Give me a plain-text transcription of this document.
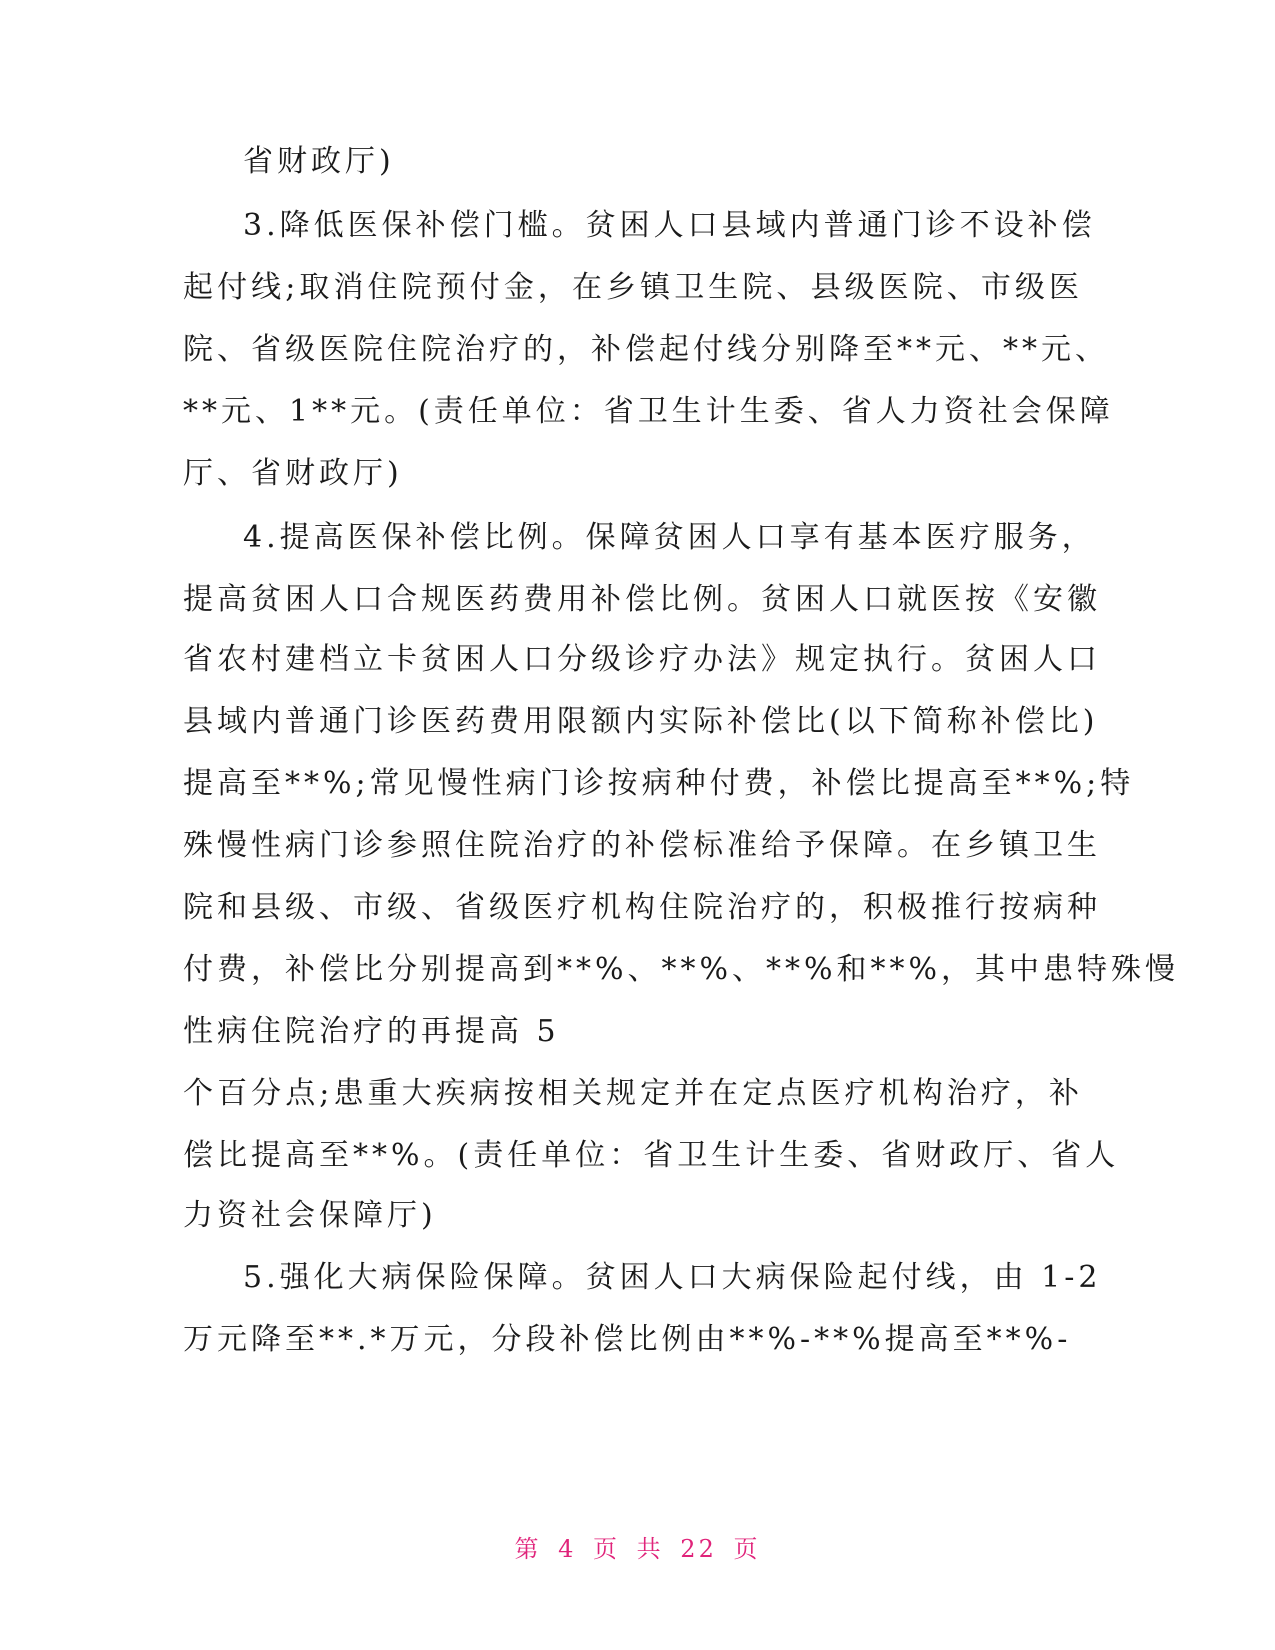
省财政厅)
3.降低医保补偿门槛。贫困人口县域内普通门诊不设补偿
起付线;取消住院预付金，在乡镇卫生院、县级医院、市级医
院、省级医院住院治疗的，补偿起付线分别降至**元、**元、
**元、1**元。(责任单位：省卫生计生委、省人力资社会保障
厅、省财政厅)
4.提高医保补偿比例。保障贫困人口享有基本医疗服务，
提高贫困人口合规医药费用补偿比例。贫困人口就医按《安徽
省农村建档立卡贫困人口分级诊疗办法》规定执行。贫困人口
县域内普通门诊医药费用限额内实际补偿比(以下简称补偿比)
提高至**%;常见慢性病门诊按病种付费，补偿比提高至**%;特
殊慢性病门诊参照住院治疗的补偿标准给予保障。在乡镇卫生
院和县级、市级、省级医疗机构住院治疗的，积极推行按病种
付费，补偿比分别提高到**%、**%、**%和**%，其中患特殊慢
性病住院治疗的再提高 5
个百分点;患重大疾病按相关规定并在定点医疗机构治疗，补
偿比提高至**%。(责任单位：省卫生计生委、省财政厅、省人
力资社会保障厅)
5.强化大病保险保障。贫困人口大病保险起付线，由 1-2
万元降至**.*万元，分段补偿比例由**%-**%提高至**%-
第 4 页 共 22 页
